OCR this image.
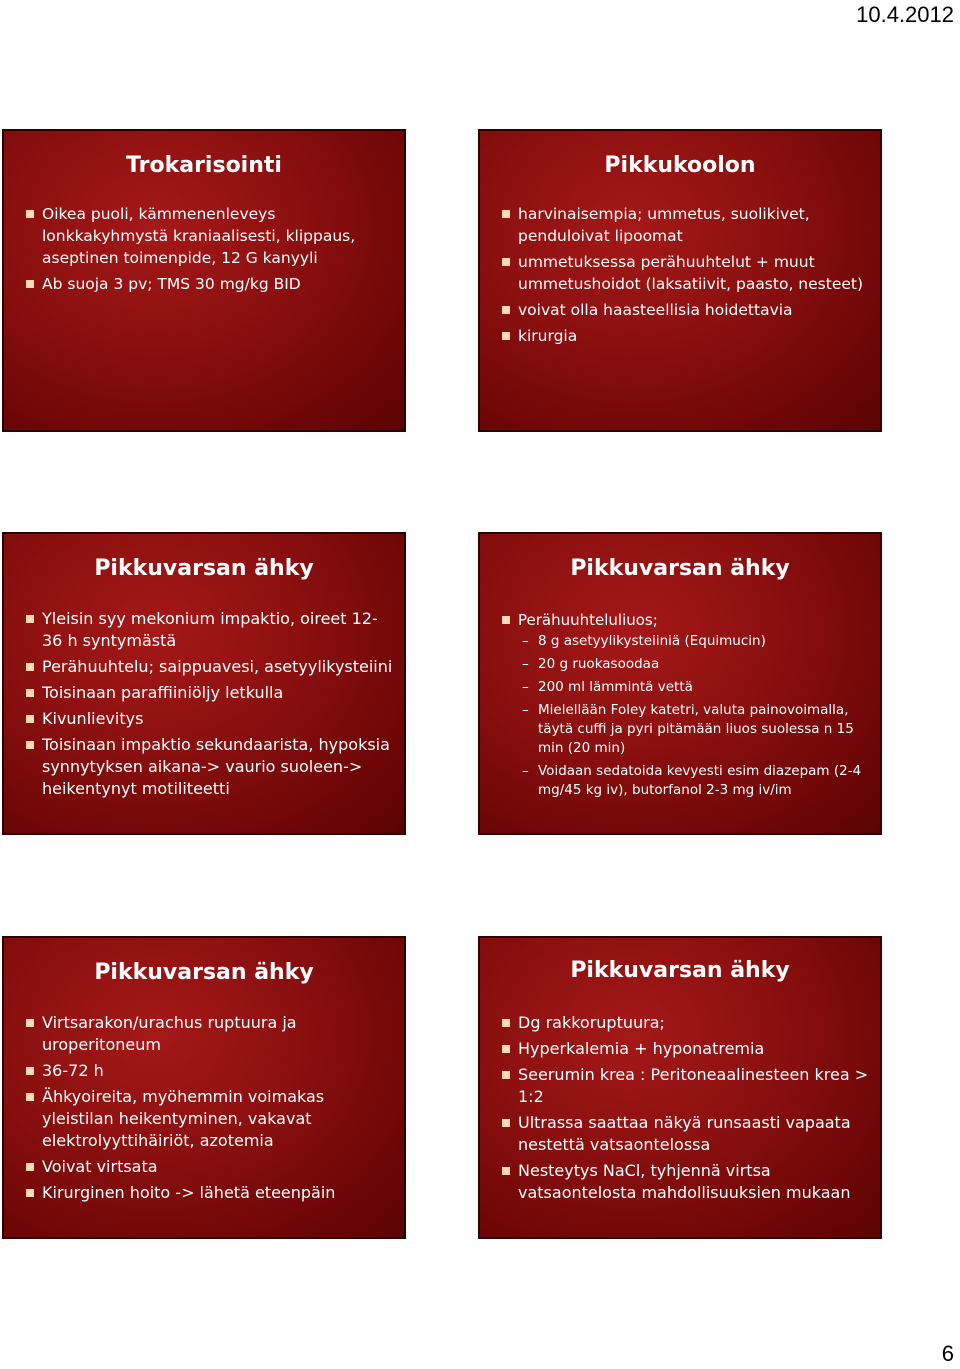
10.4.2012
Trokarisointi
Oikea puoli, kämmenenleveys lonkkakyhmystä kraniaalisesti, klippaus, aseptinen toimenpide, 12 G kanyyli
Ab suoja 3 pv; TMS 30 mg/kg BID
Pikkukoolon
harvinaisempia; ummetus, suolikivet, penduloivat lipoomat
ummetuksessa perähuuhtelut + muut ummetushoidot (laksatiivit, paasto, nesteet)
voivat olla haasteellisia hoidettavia
kirurgia
Pikkuvarsan ähky
Yleisin syy mekonium impaktio, oireet 12-36 h syntymästä
Perähuuhtelu; saippuavesi, asetyylikysteiini
Toisinaan paraffiiniöljy letkulla
Kivunlievitys
Toisinaan impaktio sekundaarista, hypoksia synnytyksen aikana-> vaurio suoleen-> heikentynyt motiliteetti
Pikkuvarsan ähky
Perähuuhteluliuos;
– 8 g asetyylikysteiiniä (Equimucin)
– 20 g ruokasoodaa
– 200 ml lämmintä vettä
– Mielellään Foley katetri, valuta painovoimalla, täytä cuffi ja pyri pitämään liuos suolessa n 15 min (20 min)
– Voidaan sedatoida kevyesti esim diazepam (2-4 mg/45 kg iv), butorfanol 2-3 mg iv/im
Pikkuvarsan ähky
Virtsarakon/urachus ruptuura ja uroperitoneum
36-72 h
Ähkyoireita, myöhemmin voimakas yleistilan heikentyminen, vakavat elektrolyyttihäiriöt, azotemia
Voivat virtsata
Kirurginen hoito -> lähetä eteenpäin
Pikkuvarsan ähky
Dg rakkoruptuura;
Hyperkalemia + hyponatremia
Seerumin krea : Peritoneaalinesteen krea > 1:2
Ultrassa saattaa näkyä runsaasti vapaata nestettä vatsaontelossa
Nesteytys NaCl, tyhjennä virtsa vatsaontelosta mahdollisuuksien mukaan
6
